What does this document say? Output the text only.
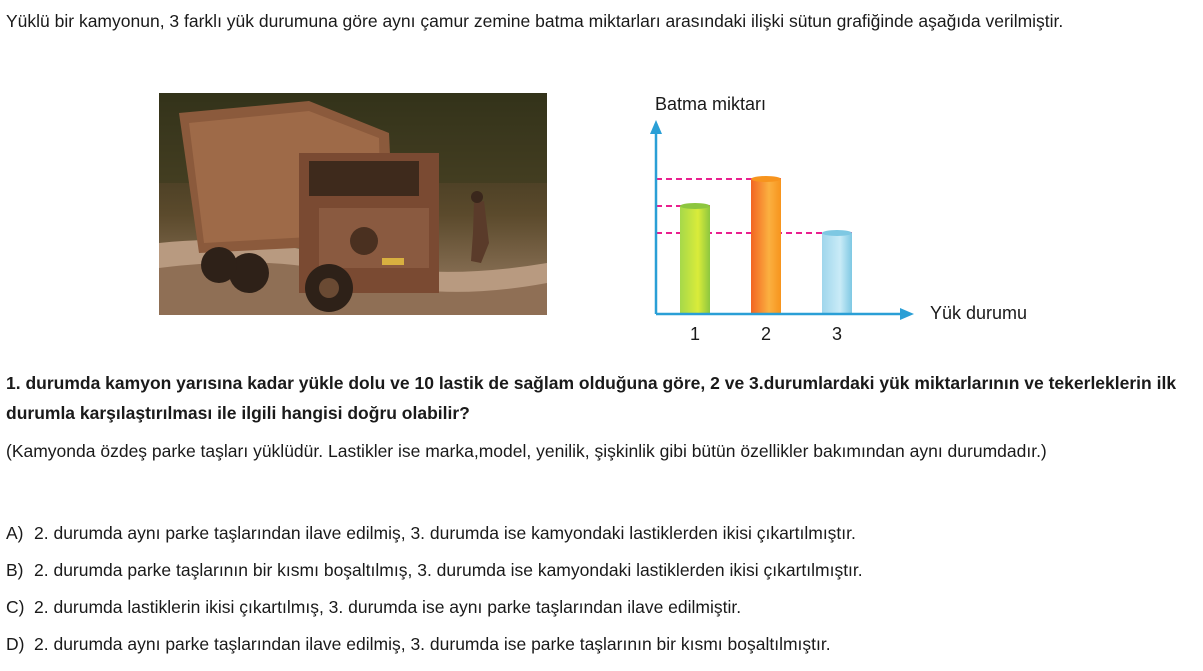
Yüklü bir kamyonun, 3 farklı yük durumuna göre aynı çamur zemine batma miktarları arasındaki ilişki sütun grafiğinde aşağıda verilmiştir.
Batma miktarı
Yük durumu
1	2	3
1. durumda kamyon yarısına kadar yükle dolu ve 10 lastik de sağlam olduğuna göre, 2 ve 3.durumlardaki yük miktarlarının ve tekerleklerin ilk durumla karşılaştırılması ile ilgili hangisi doğru olabilir?
(Kamyonda özdeş parke taşları yüklüdür. Lastikler ise marka,model, yenilik, şişkinlik gibi bütün özellikler bakımından aynı durumdadır.)
A) 2. durumda aynı parke taşlarından ilave edilmiş, 3. durumda ise kamyondaki lastiklerden ikisi çıkartılmıştır.
B) 2. durumda parke taşlarının bir kısmı boşaltılmış, 3. durumda ise kamyondaki lastiklerden ikisi çıkartılmıştır.
C) 2. durumda lastiklerin ikisi çıkartılmış, 3. durumda ise aynı parke taşlarından ilave edilmiştir.
D) 2. durumda aynı parke taşlarından ilave edilmiş, 3. durumda ise parke taşlarının bir kısmı boşaltılmıştır.
